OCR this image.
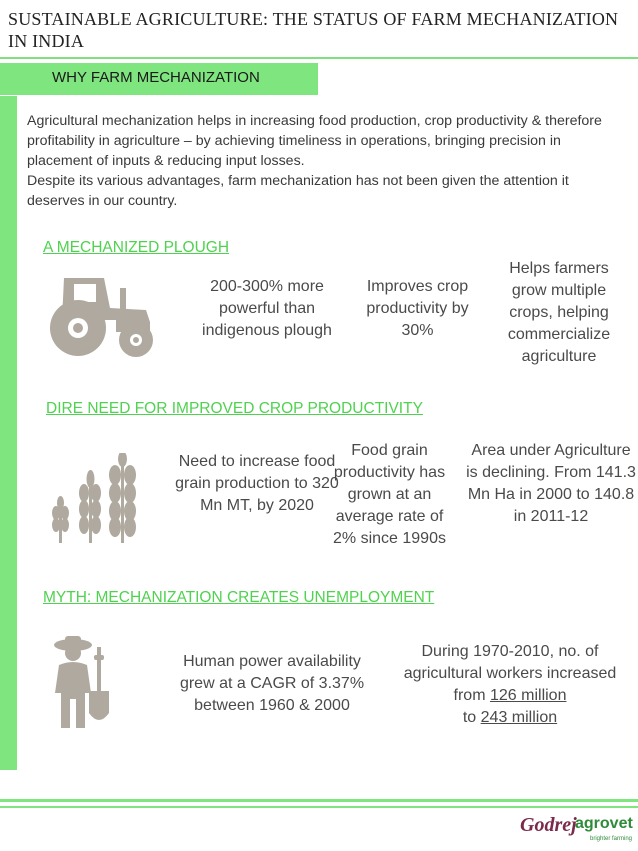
SUSTAINABLE AGRICULTURE: THE STATUS OF FARM MECHANIZATION IN INDIA
WHY FARM MECHANIZATION
Agricultural mechanization helps in increasing food production, crop productivity & therefore profitability in agriculture – by achieving timeliness in operations, bringing precision in placement of inputs & reducing input losses.
Despite its various advantages, farm mechanization has not been given the attention it deserves in our country.
A MECHANIZED PLOUGH
200-300% more powerful than indigenous plough
Improves crop productivity by 30%
Helps farmers grow multiple crops, helping commercialize agriculture
DIRE NEED FOR IMPROVED CROP PRODUCTIVITY
Need to increase food grain production to 320 Mn MT, by 2020
Food grain productivity has grown at an average rate of 2% since 1990s
Area under Agriculture is declining. From 141.3 Mn Ha in 2000 to 140.8 in 2011-12
MYTH: MECHANIZATION CREATES UNEMPLOYMENT
Human power availability grew at a CAGR of 3.37% between 1960 & 2000
During 1970-2010, no. of agricultural workers increased from 126 million
to 243 million
Godrej
agrovet
brighter farming
